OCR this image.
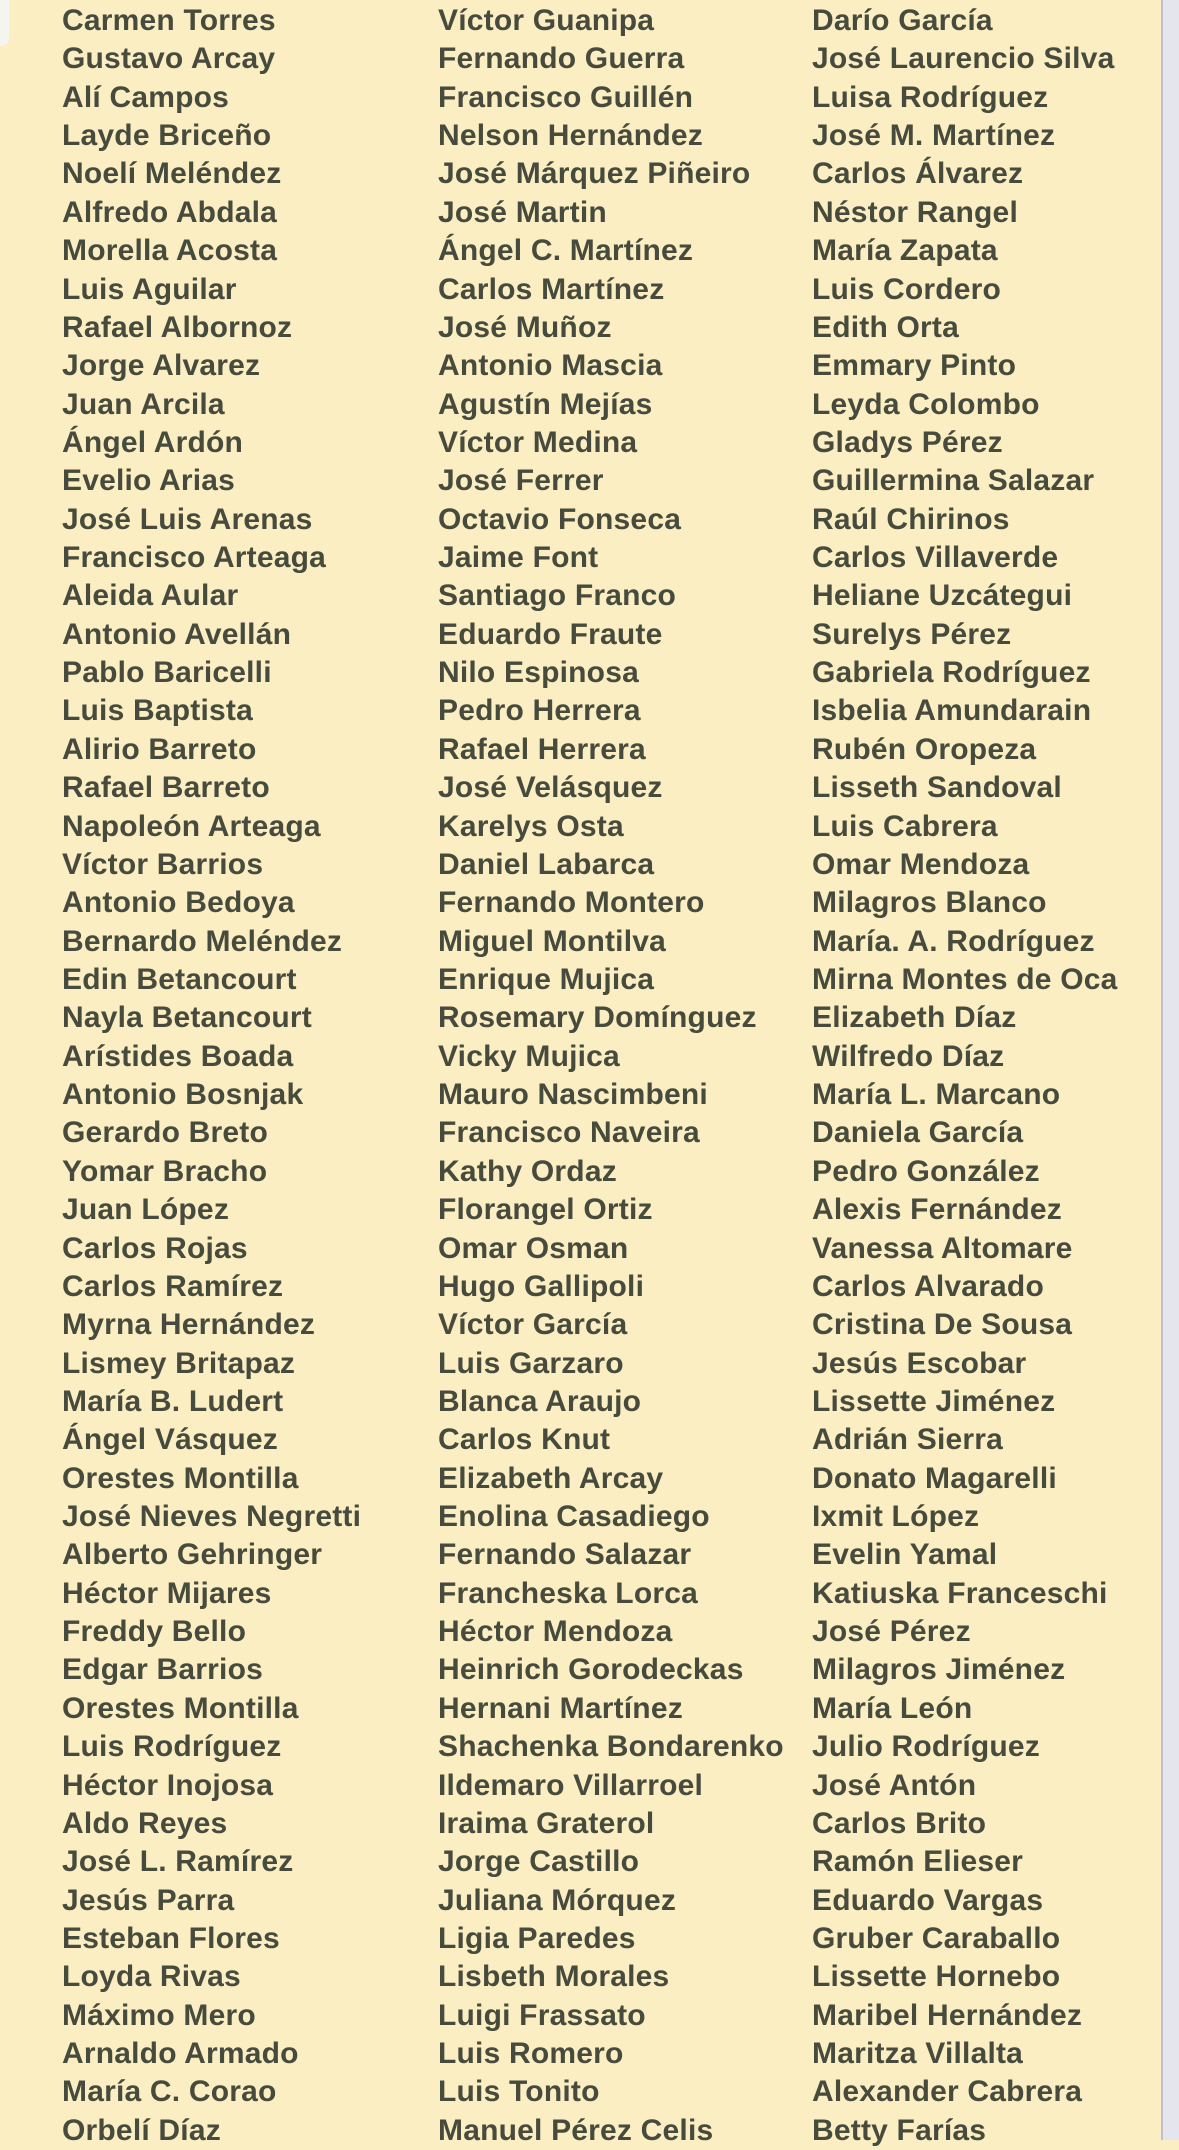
Carmen Torres
Gustavo Arcay
Alí Campos
Layde Briceño
Noelí Meléndez
Alfredo Abdala
Morella Acosta
Luis Aguilar
Rafael Albornoz
Jorge Alvarez
Juan Arcila
Ángel Ardón
Evelio Arias
José Luis Arenas
Francisco Arteaga
Aleida Aular
Antonio Avellán
Pablo Baricelli
Luis Baptista
Alirio Barreto
Rafael Barreto
Napoleón Arteaga
Víctor Barrios
Antonio Bedoya
Bernardo Meléndez
Edin Betancourt
Nayla Betancourt
Arístides Boada
Antonio Bosnjak
Gerardo Breto
Yomar Bracho
Juan López
Carlos Rojas
Carlos Ramírez
Myrna Hernández
Lismey Britapaz
María B. Ludert
Ángel Vásquez
Orestes Montilla
José Nieves Negretti
Alberto Gehringer
Héctor Mijares
Freddy Bello
Edgar Barrios
Orestes Montilla
Luis Rodríguez
Héctor Inojosa
Aldo Reyes
José L. Ramírez
Jesús Parra
Esteban Flores
Loyda Rivas
Máximo Mero
Arnaldo Armado
María C. Corao
Orbelí Díaz
Víctor Guanipa
Fernando Guerra
Francisco Guillén
Nelson Hernández
José Márquez Piñeiro
José Martin
Ángel C. Martínez
Carlos Martínez
José Muñoz
Antonio Mascia
Agustín Mejías
Víctor Medina
José Ferrer
Octavio Fonseca
Jaime Font
Santiago Franco
Eduardo Fraute
Nilo Espinosa
Pedro Herrera
Rafael Herrera
José Velásquez
Karelys Osta
Daniel Labarca
Fernando Montero
Miguel Montilva
Enrique Mujica
Rosemary Domínguez
Vicky Mujica
Mauro Nascimbeni
Francisco Naveira
Kathy Ordaz
Florangel Ortiz
Omar Osman
Hugo Gallipoli
Víctor García
Luis Garzaro
Blanca Araujo
Carlos Knut
Elizabeth Arcay
Enolina Casadiego
Fernando Salazar
Francheska Lorca
Héctor Mendoza
Heinrich Gorodeckas
Hernani Martínez
Shachenka Bondarenko
Ildemaro Villarroel
Iraima Graterol
Jorge Castillo
Juliana Mórquez
Ligia Paredes
Lisbeth Morales
Luigi Frassato
Luis Romero
Luis Tonito
Manuel Pérez Celis
Darío García
José Laurencio Silva
Luisa Rodríguez
José M. Martínez
Carlos Álvarez
Néstor Rangel
María Zapata
Luis Cordero
Edith Orta
Emmary Pinto
Leyda Colombo
Gladys Pérez
Guillermina Salazar
Raúl Chirinos
Carlos Villaverde
Heliane Uzcátegui
Surelys Pérez
Gabriela Rodríguez
Isbelia Amundarain
Rubén Oropeza
Lisseth Sandoval
Luis Cabrera
Omar Mendoza
Milagros Blanco
María. A. Rodríguez
Mirna Montes de Oca
Elizabeth Díaz
Wilfredo Díaz
María L. Marcano
Daniela García
Pedro González
Alexis Fernández
Vanessa Altomare
Carlos Alvarado
Cristina De Sousa
Jesús Escobar
Lissette Jiménez
Adrián Sierra
Donato Magarelli
Ixmit López
Evelin Yamal
Katiuska Franceschi
José Pérez
Milagros Jiménez
María León
Julio Rodríguez
José Antón
Carlos Brito
Ramón Elieser
Eduardo Vargas
Gruber Caraballo
Lissette Hornebo
Maribel Hernández
Maritza Villalta
Alexander Cabrera
Betty Farías
